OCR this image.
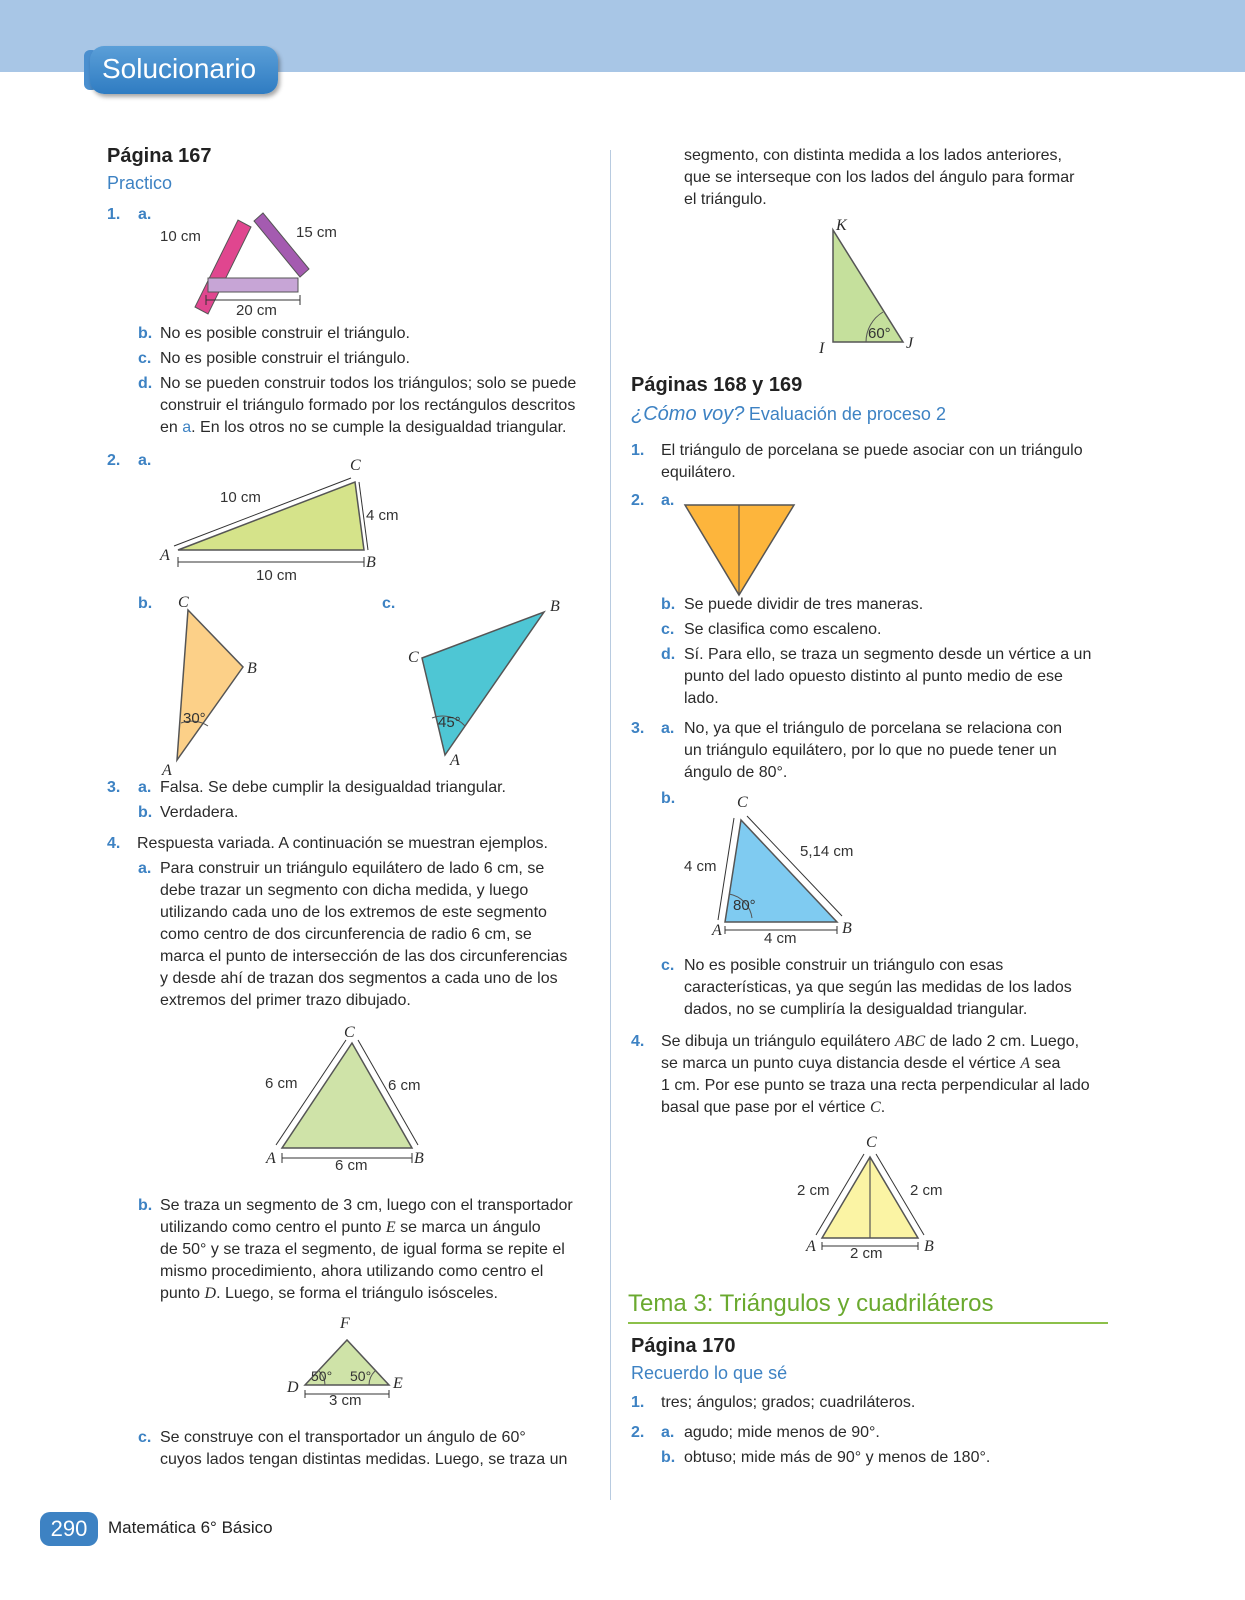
Solucionario
Página 167
Practico
1. a.
10 cm	15 cm
20 cm
b. No es posible construir el triángulo.
c. No es posible construir el triángulo.
d. No se pueden construir todos los triángulos; solo se puede
construir el triángulo formado por los rectángulos descritos
en a. En los otros no se cumple la desigualdad triangular.
2. a.	C
A	B
10 cm
4 cm
10 cm
b. C
B
A
30°
c.	B
C
A
45°
3. a. Falsa. Se debe cumplir la desigualdad triangular.
b. Verdadera.
4. Respuesta variada. A continuación se muestran ejemplos.
a. Para construir un triángulo equilátero de lado 6 cm, se
debe trazar un segmento con dicha medida, y luego
utilizando cada uno de los extremos de este segmento
como centro de dos circunferencia de radio 6 cm, se
marca el punto de intersección de las dos circunferencias
y desde ahí de trazan dos segmentos a cada uno de los
extremos del primer trazo dibujado.
C
A	B
6 cm	6 cm
6 cm
b. Se traza un segmento de 3 cm, luego con el transportador
utilizando como centro el punto E se marca un ángulo
de 50° y se traza el segmento, de igual forma se repite el
mismo procedimiento, ahora utilizando como centro el
punto D. Luego, se forma el triángulo isósceles.
F
D	E
50° 50°
3 cm
c. Se construye con el transportador un ángulo de 60°
cuyos lados tengan distintas medidas. Luego, se traza un
segmento, con distinta medida a los lados anteriores,
que se interseque con los lados del ángulo para formar
el triángulo.
K
I	J
60°
Páginas 168 y 169
¿Cómo voy? Evaluación de proceso 2
1. El triángulo de porcelana se puede asociar con un triángulo
equilátero.
2. a.
b. Se puede dividir de tres maneras.
c. Se clasifica como escaleno.
d. Sí. Para ello, se traza un segmento desde un vértice a un
punto del lado opuesto distinto al punto medio de ese
lado.
3. a. No, ya que el triángulo de porcelana se relaciona con
un triángulo equilátero, por lo que no puede tener un
ángulo de 80°.
b.	C
A	B
4 cm
5,14 cm
4 cm
80°
c. No es posible construir un triángulo con esas
características, ya que según las medidas de los lados
dados, no se cumpliría la desigualdad triangular.
4. Se dibuja un triángulo equilátero ABC de lado 2 cm. Luego,
se marca un punto cuya distancia desde el vértice A sea
1 cm. Por ese punto se traza una recta perpendicular al lado
basal que pase por el vértice C.
C
A	B
2 cm	2 cm
2 cm
Tema 3: Triángulos y cuadriláteros
Página 170
Recuerdo lo que sé
1. tres; ángulos; grados; cuadriláteros.
2. a. agudo; mide menos de 90°.
b. obtuso; mide más de 90° y menos de 180°.
290	Matemática 6° Básico
